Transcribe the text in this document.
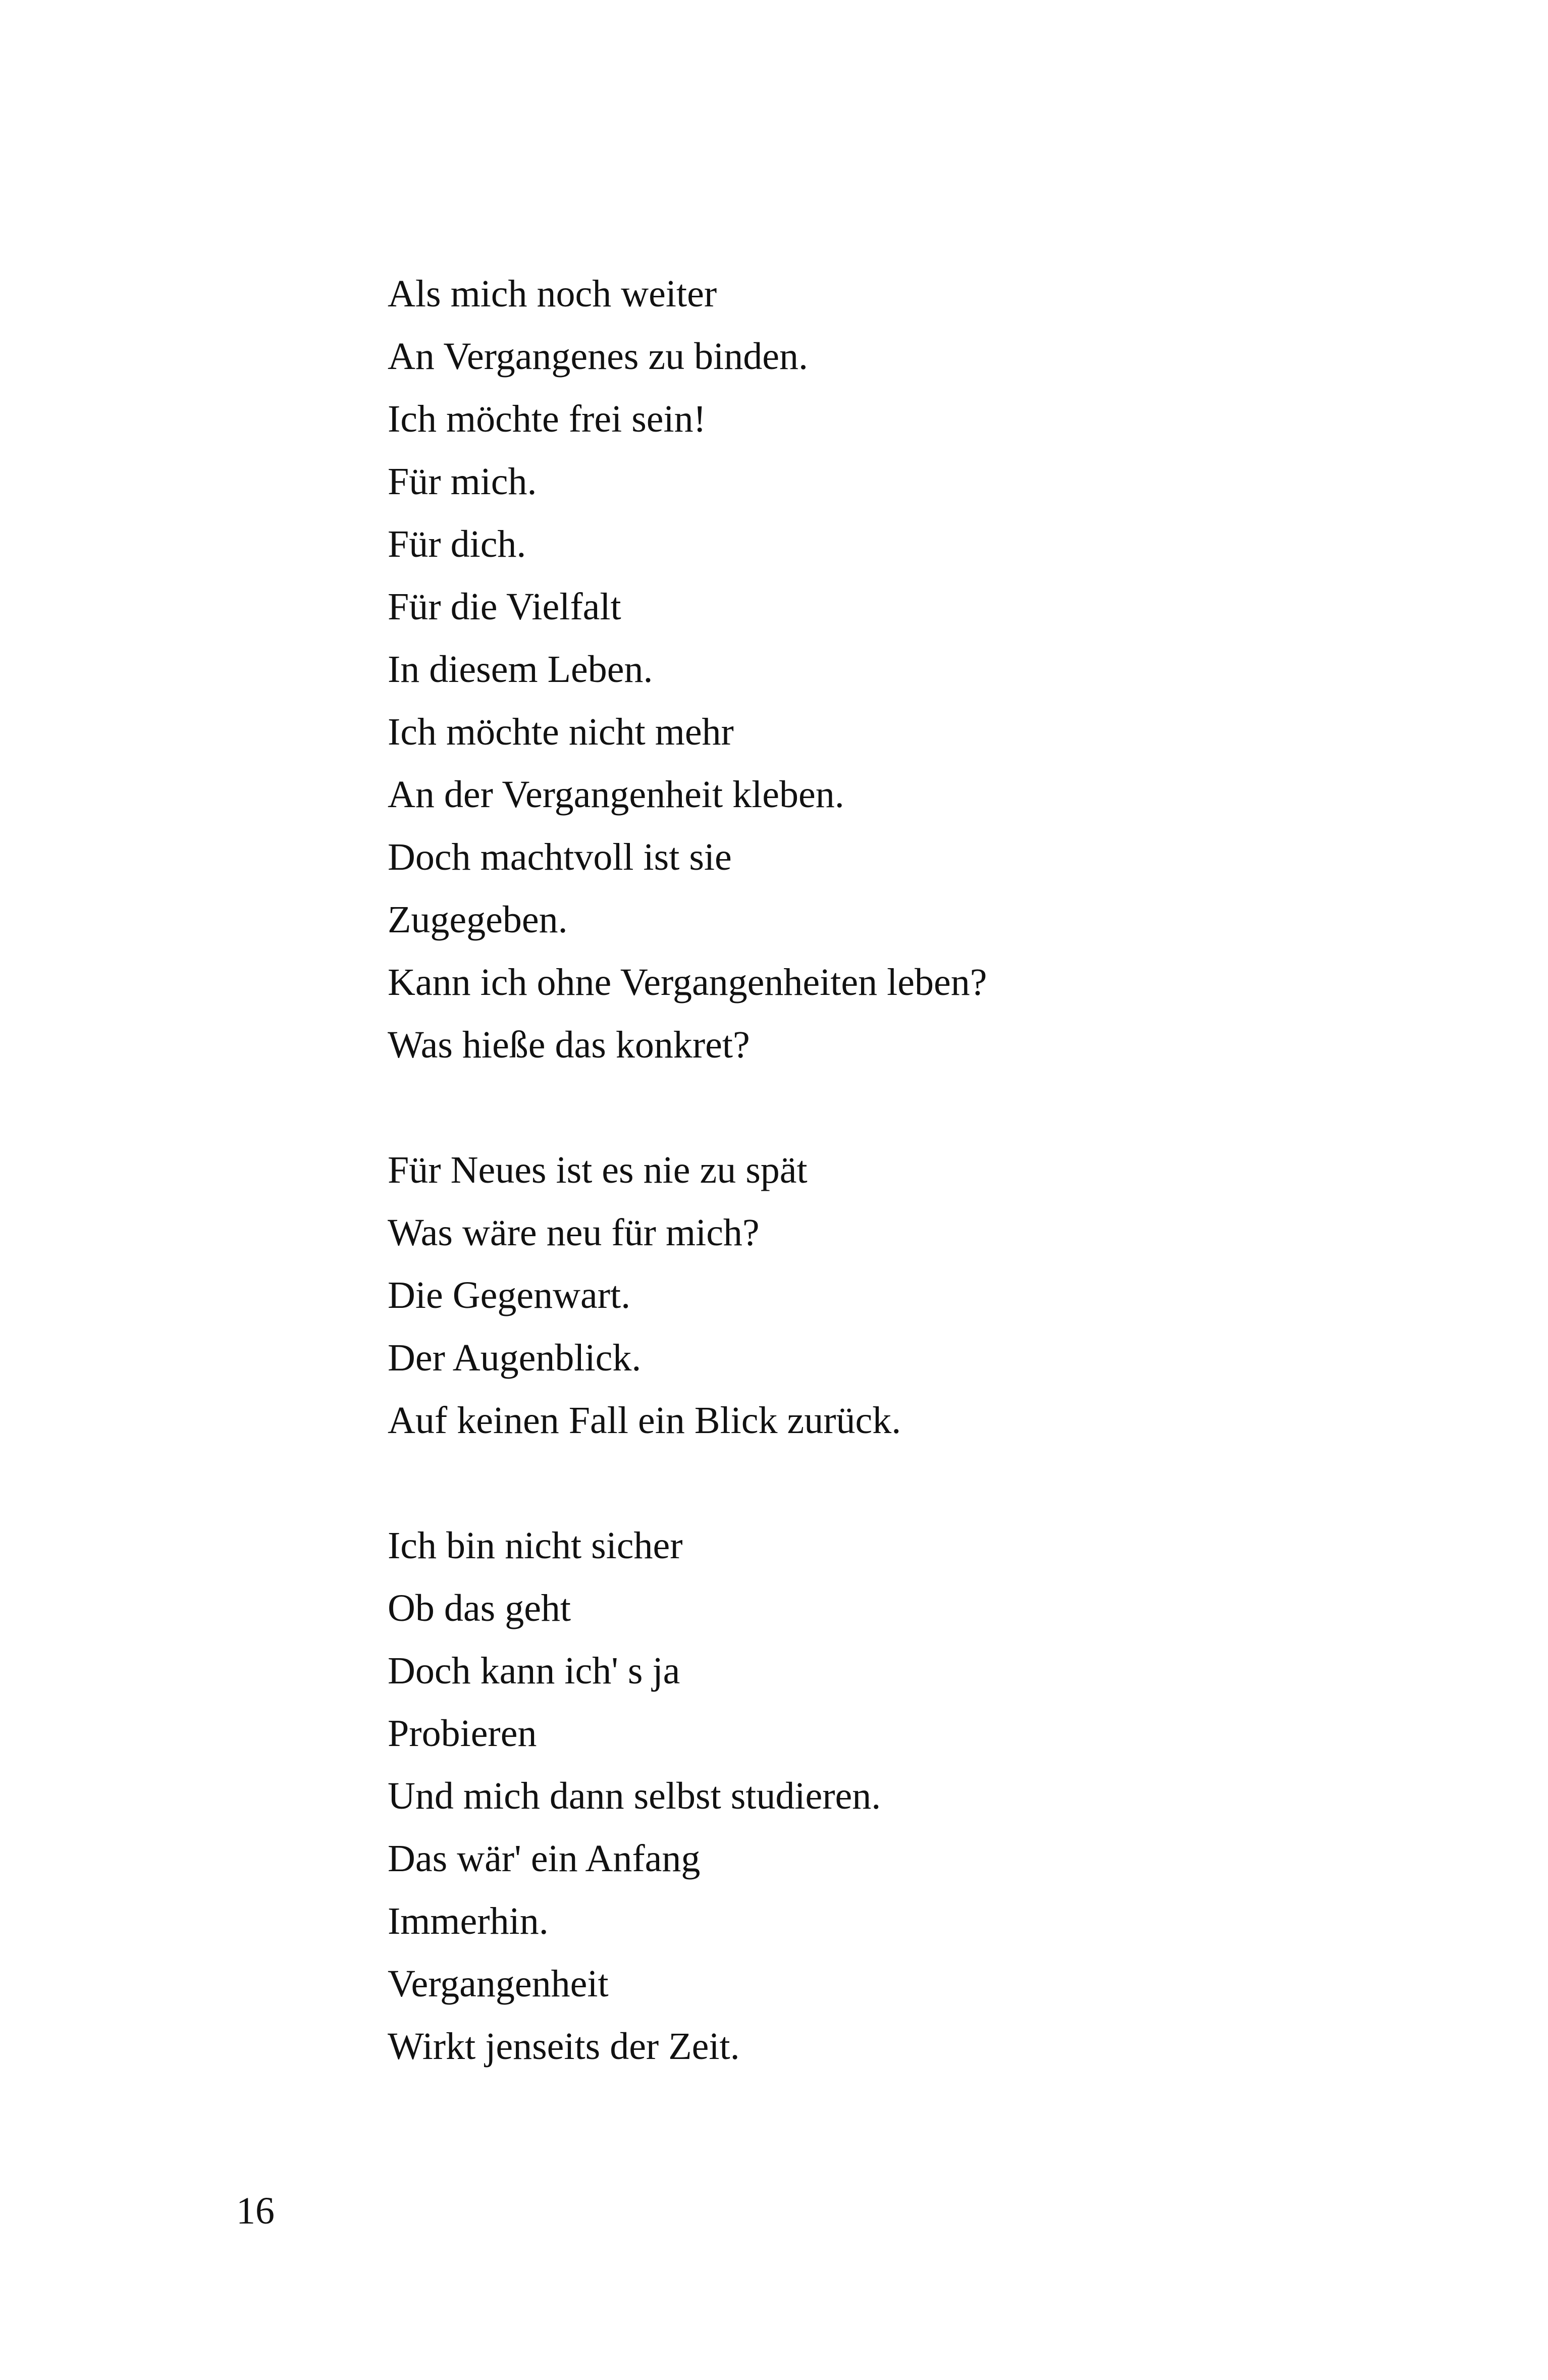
Als mich noch weiter
An Vergangenes zu binden.
Ich möchte frei sein!
Für mich.
Für dich.
Für die Vielfalt
In diesem Leben.
Ich möchte nicht mehr
An der Vergangenheit kleben.
Doch machtvoll ist sie
Zugegeben.
Kann ich ohne Vergangenheiten leben?
Was hieße das konkret?
Für Neues ist es nie zu spät
Was wäre neu für mich?
Die Gegenwart.
Der Augenblick.
Auf keinen Fall ein Blick zurück.
Ich bin nicht sicher
Ob das geht
Doch kann ich' s ja
Probieren
Und mich dann selbst studieren.
Das wär' ein Anfang
Immerhin.
Vergangenheit
Wirkt jenseits der Zeit.
16
